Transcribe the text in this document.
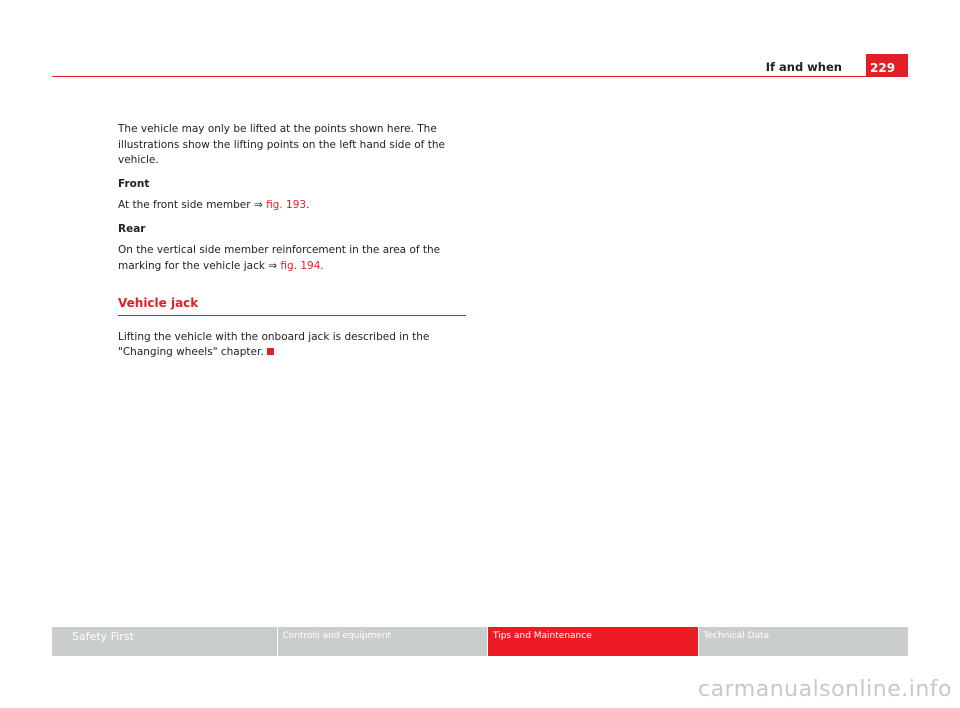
If and when	229

The vehicle may only be lifted at the points shown here. The
illustrations show the lifting points on the left hand side of the
vehicle.

Front

At the front side member ⇒ fig. 193.

Rear

On the vertical side member reinforcement in the area of the
marking for the vehicle jack ⇒ fig. 194.

Vehicle jack

Lifting the vehicle with the onboard jack is described in the
"Changing wheels" chapter.

Safety First	Controls and equipment	Tips and Maintenance	Technical Data
carmanualsonline.info
